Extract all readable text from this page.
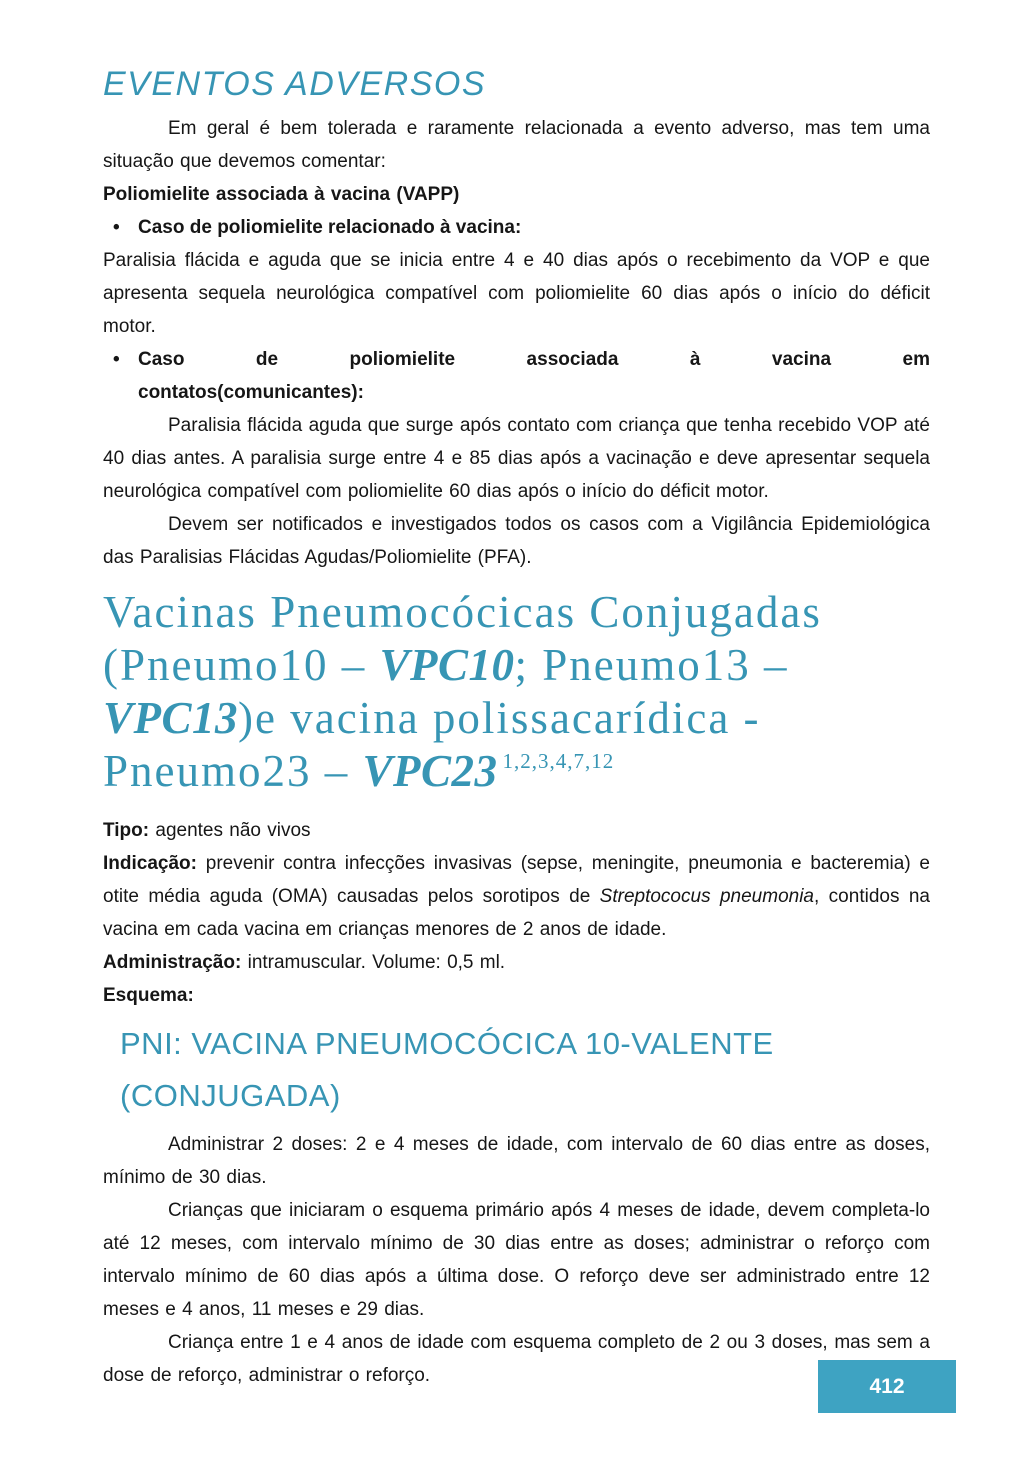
EVENTOS ADVERSOS

Em geral é bem tolerada e raramente relacionada a evento adverso, mas tem uma situação que devemos comentar:

Poliomielite associada à vacina (VAPP)

• Caso de poliomielite relacionado à vacina:

Paralisia flácida e aguda que se inicia entre 4 e 40 dias após o recebimento da VOP e que apresenta sequela neurológica compatível com poliomielite 60 dias após o início do déficit motor.

• Caso de poliomielite associada à vacina em
contatos(comunicantes):

Paralisia flácida aguda que surge após contato com criança que tenha recebido VOP até 40 dias antes. A paralisia surge entre 4 e 85 dias após a vacinação e deve apresentar sequela neurológica compatível com poliomielite 60 dias após o início do déficit motor.

Devem ser notificados e investigados todos os casos com a Vigilância Epidemiológica das Paralisias Flácidas Agudas/Poliomielite (PFA).

Vacinas Pneumocócicas Conjugadas (Pneumo10 – VPC10; Pneumo13 – VPC13)e vacina polissacarídica - Pneumo23 – VPC23 $^{1,2,3,4,7,12}$

Tipo: agentes não vivos

Indicação: prevenir contra infecções invasivas (sepse, meningite, pneumonia e bacteremia) e otite média aguda (OMA) causadas pelos sorotipos de Streptococus pneumonia, contidos na vacina em cada vacina em crianças menores de 2 anos de idade.

Administração: intramuscular. Volume: 0,5 ml.

Esquema:

PNI: VACINA PNEUMOCÓCICA 10-VALENTE (CONJUGADA)

Administrar 2 doses: 2 e 4 meses de idade, com intervalo de 60 dias entre as doses, mínimo de 30 dias.

Crianças que iniciaram o esquema primário após 4 meses de idade, devem completa-lo até 12 meses, com intervalo mínimo de 30 dias entre as doses; administrar o reforço com intervalo mínimo de 60 dias após a última dose. O reforço deve ser administrado entre 12 meses e 4 anos, 11 meses e 29 dias.

Criança entre 1 e 4 anos de idade com esquema completo de 2 ou 3 doses, mas sem a dose de reforço, administrar o reforço.	412
